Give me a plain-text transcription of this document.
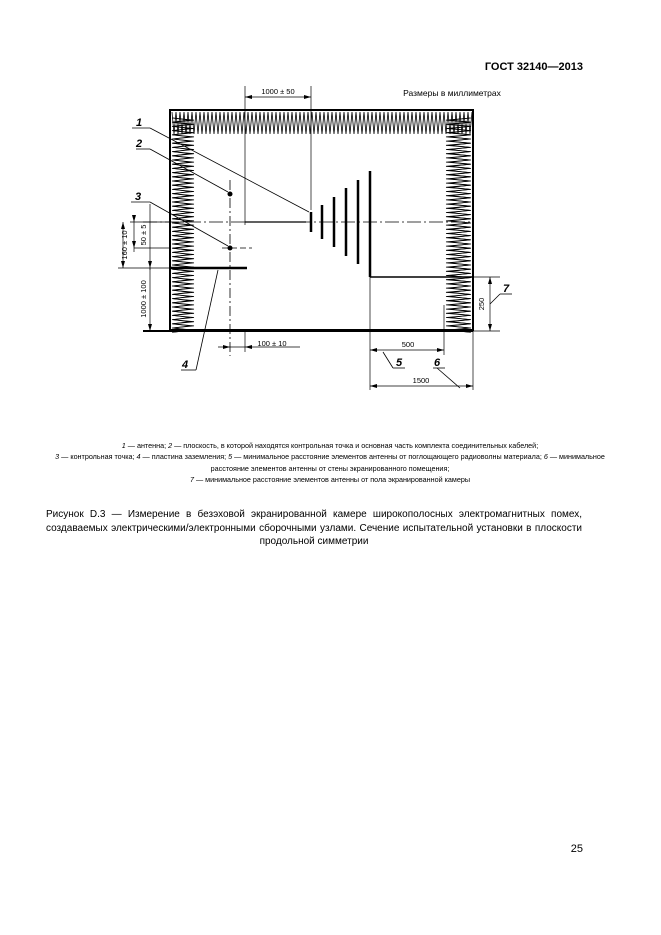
ГОСТ 32140—2013
1000 ± 50	Размеры в миллиметрах
100 ± 10	500
1500
250
50 ± 5
160 ± 10
1000 ± 100
1
2
3
4	5	6
7
1 — антенна; 2 — плоскость, в которой находятся контрольная точка и основная часть комплекта соединительных кабелей;
3 — контрольная точка; 4 — пластина заземления; 5 — минимальное расстояние элементов антенны от поглощающего радиоволны материала; 6 — минимальное расстояние элементов антенны от стены экранированного помещения;
7 — минимальное расстояние элементов антенны от пола экранированной камеры
Рисунок D.3 — Измерение в безэховой экранированной камере широкополосных электромагнитных помех, создаваемых электрическими/электронными сборочными узлами. Сечение испытательной установки в плоскости продольной симметрии
25
